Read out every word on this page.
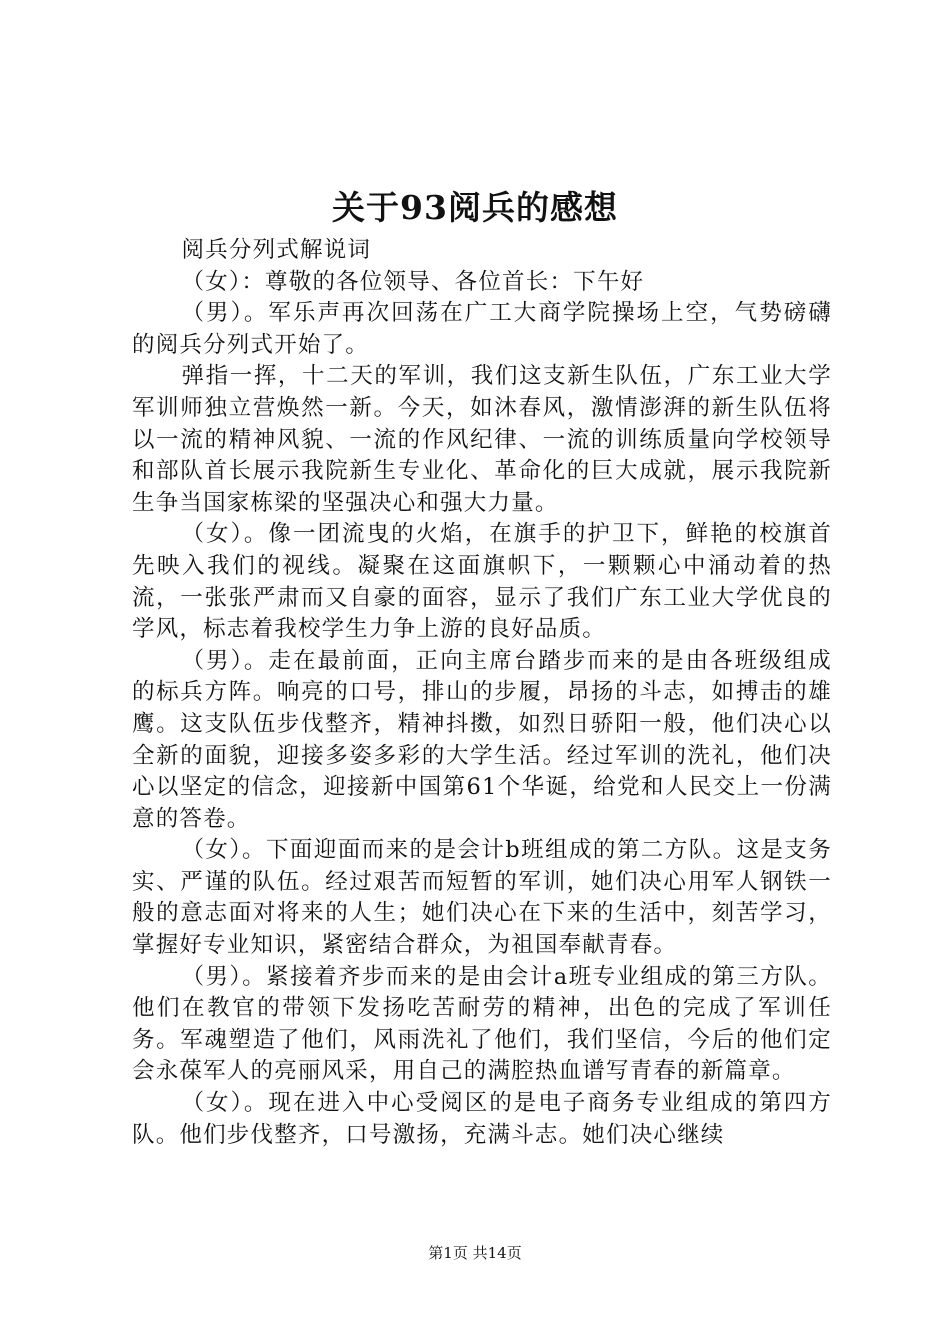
关于93阅兵的感想

阅兵分列式解说词

（女）：尊敬的各位领导、各位首长：下午好

（男）。军乐声再次回荡在广工大商学院操场上空，气势磅礴的阅兵分列式开始了。

弹指一挥，十二天的军训，我们这支新生队伍，广东工业大学军训师独立营焕然一新。今天，如沐春风，激情澎湃的新生队伍将以一流的精神风貌、一流的作风纪律、一流的训练质量向学校领导和部队首长展示我院新生专业化、革命化的巨大成就，展示我院新生争当国家栋梁的坚强决心和强大力量。

（女）。像一团流曳的火焰，在旗手的护卫下，鲜艳的校旗首先映入我们的视线。凝聚在这面旗帜下，一颗颗心中涌动着的热流，一张张严肃而又自豪的面容，显示了我们广东工业大学优良的学风，标志着我校学生力争上游的良好品质。

（男）。走在最前面，正向主席台踏步而来的是由各班级组成的标兵方阵。响亮的口号，排山的步履，昂扬的斗志，如搏击的雄鹰。这支队伍步伐整齐，精神抖擞，如烈日骄阳一般，他们决心以全新的面貌，迎接多姿多彩的大学生活。经过军训的洗礼，他们决心以坚定的信念，迎接新中国第61个华诞，给党和人民交上一份满意的答卷。

（女）。下面迎面而来的是会计b班组成的第二方队。这是支务实、严谨的队伍。经过艰苦而短暂的军训，她们决心用军人钢铁一般的意志面对将来的人生；她们决心在下来的生活中，刻苦学习，掌握好专业知识，紧密结合群众，为祖国奉献青春。

（男）。紧接着齐步而来的是由会计a班专业组成的第三方队。他们在教官的带领下发扬吃苦耐劳的精神，出色的完成了军训任务。军魂塑造了他们，风雨洗礼了他们，我们坚信，今后的他们定会永葆军人的亮丽风采，用自己的满腔热血谱写青春的新篇章。

（女）。现在进入中心受阅区的是电子商务专业组成的第四方队。他们步伐整齐，口号激扬，充满斗志。她们决心继续

第1页 共14页
